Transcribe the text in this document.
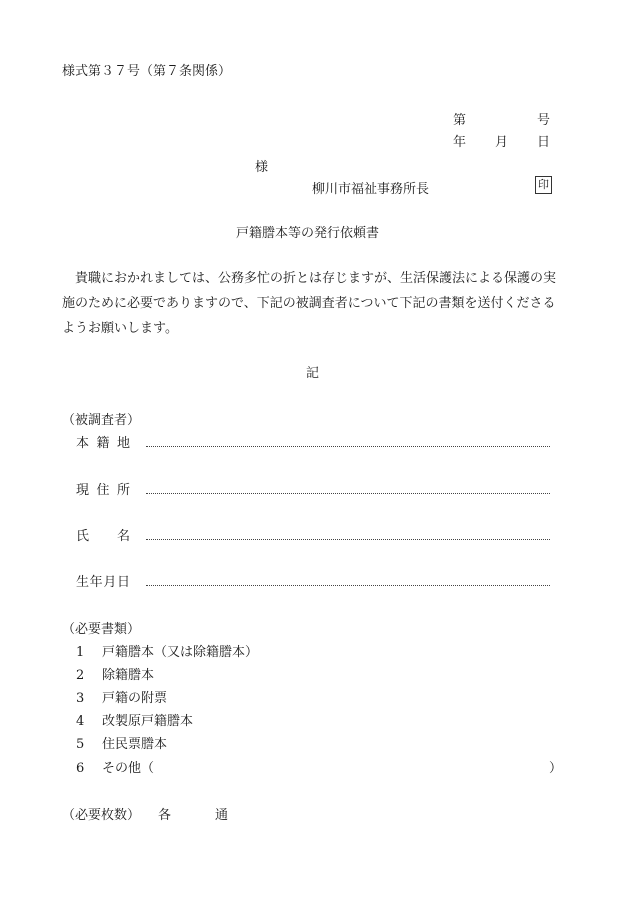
様式第３７号（第７条関係）
第	号
年 月 日
様
柳川市福祉事務所長	印
戸籍謄本等の発行依頼書
貴職におかれましては、公務多忙の折とは存じますが、生活保護法による保護の実施のために必要でありますので、下記の被調査者について下記の書類を送付くださるようお願いします。
記
（被調査者）
本 籍 地
現 住 所
氏 名
生 年 月 日
（必要書類）
1 戸籍謄本（又は除籍謄本）
2 除籍謄本
3 戸籍の附票
4 改製原戸籍謄本
5 住民票謄本
6 その他（	）
（必要枚数） 各	通
